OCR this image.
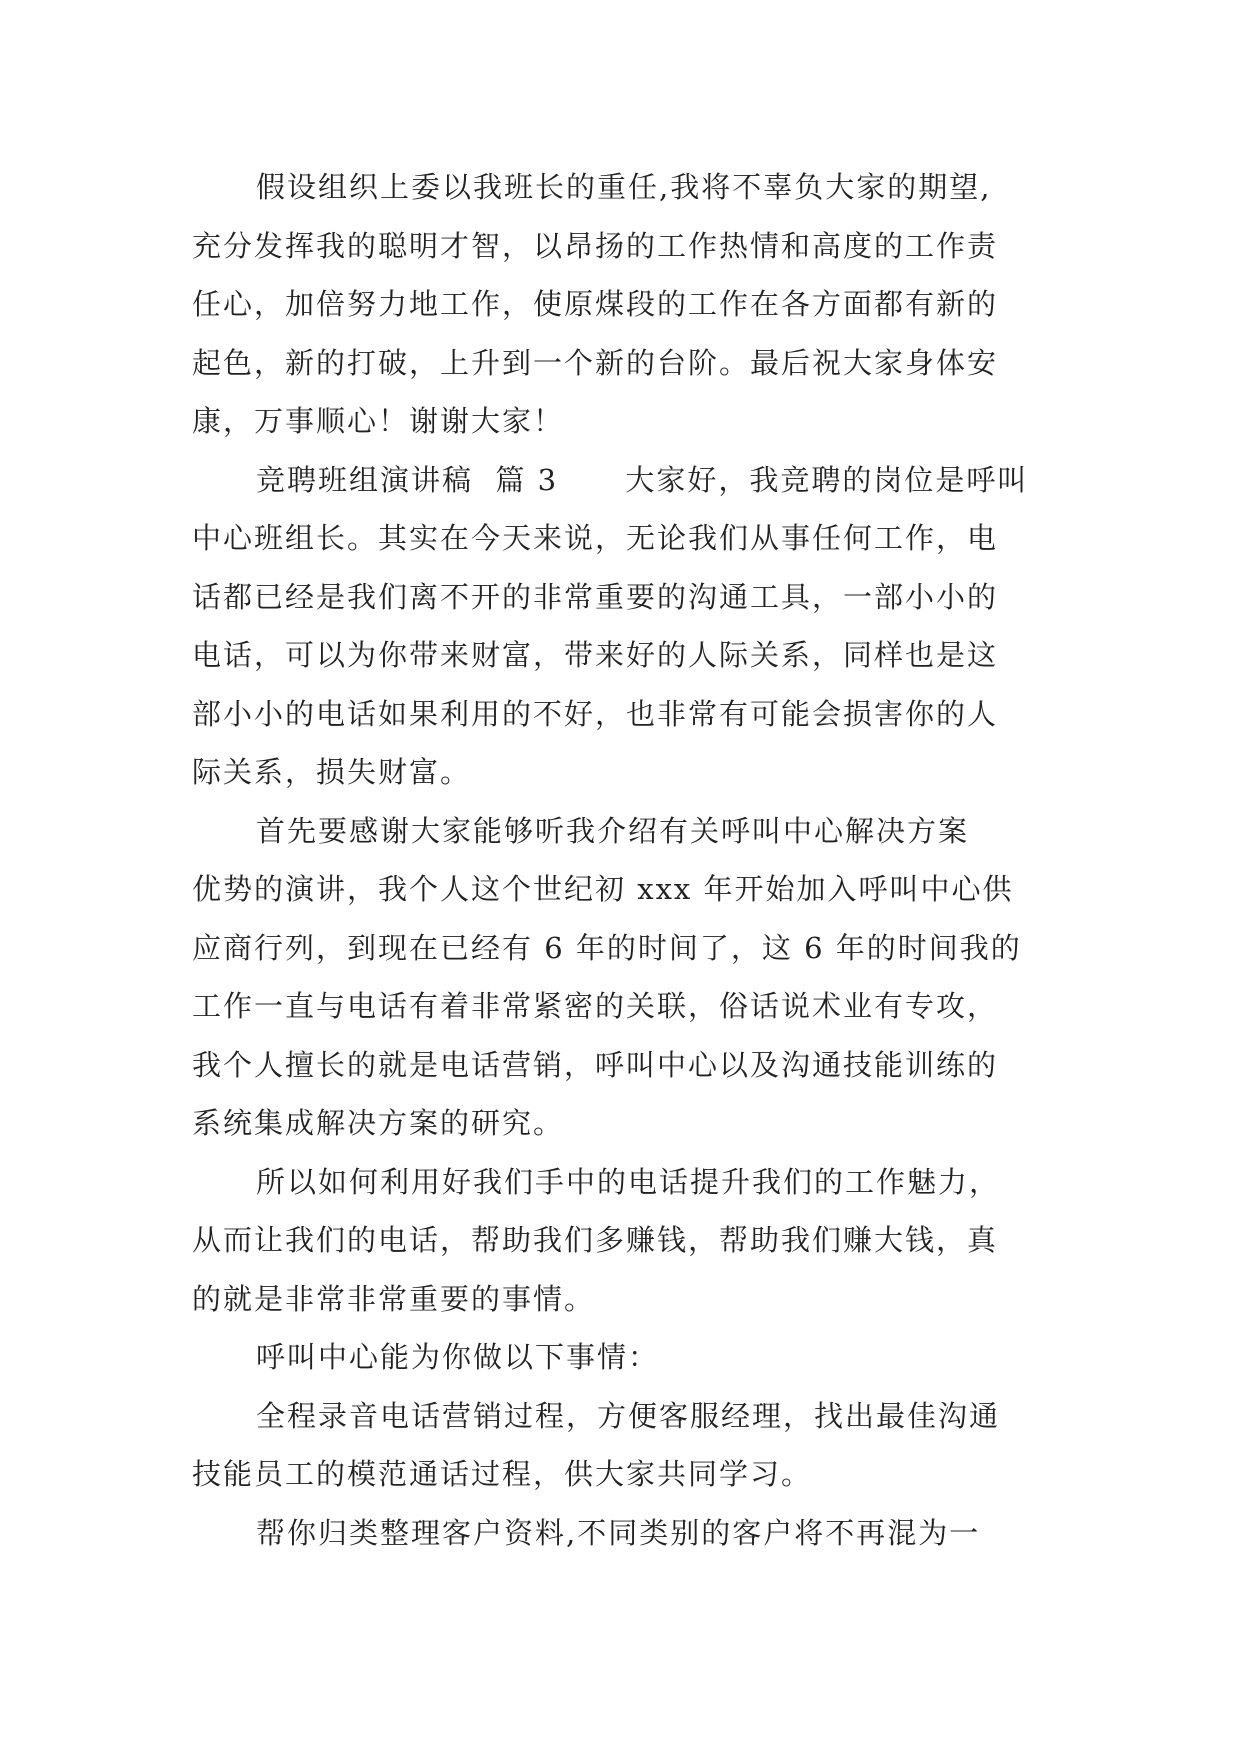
假设组织上委以我班长的重任,我将不辜负大家的期望,
充分发挥我的聪明才智，以昂扬的工作热情和高度的工作责
任心，加倍努力地工作，使原煤段的工作在各方面都有新的
起色，新的打破，上升到一个新的台阶。最后祝大家身体安
康，万事顺心！谢谢大家！
竞聘班组演讲稿  篇 3      大家好，我竞聘的岗位是呼叫
中心班组长。其实在今天来说，无论我们从事任何工作，电
话都已经是我们离不开的非常重要的沟通工具，一部小小的
电话，可以为你带来财富，带来好的人际关系，同样也是这
部小小的电话如果利用的不好，也非常有可能会损害你的人
际关系，损失财富。
首先要感谢大家能够听我介绍有关呼叫中心解决方案
优势的演讲，我个人这个世纪初 xxx 年开始加入呼叫中心供
应商行列，到现在已经有 6 年的时间了，这 6 年的时间我的
工作一直与电话有着非常紧密的关联，俗话说术业有专攻，
我个人擅长的就是电话营销，呼叫中心以及沟通技能训练的
系统集成解决方案的研究。
所以如何利用好我们手中的电话提升我们的工作魅力，
从而让我们的电话，帮助我们多赚钱，帮助我们赚大钱，真
的就是非常非常重要的事情。
呼叫中心能为你做以下事情：
全程录音电话营销过程，方便客服经理，找出最佳沟通
技能员工的模范通话过程，供大家共同学习。
帮你归类整理客户资料,不同类别的客户将不再混为一
